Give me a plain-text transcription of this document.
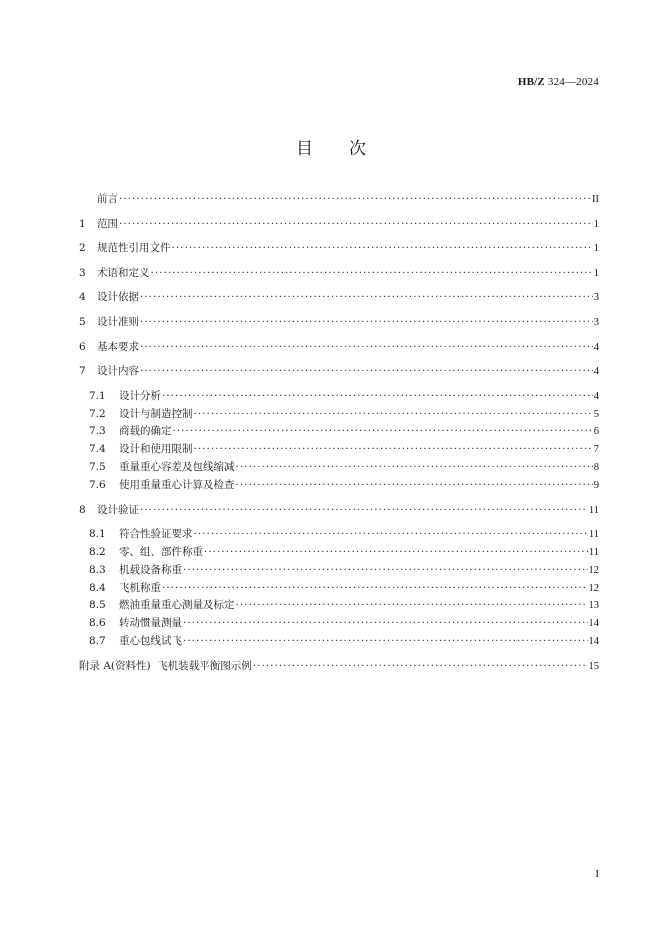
HB/Z 324—2024
目次
前言 ·····	II
1	范围 ·····	1
2	规范性引用文件 ·····	1
3	术语和定义 ·····	1
4	设计依据 ·····	3
5	设计准则 ·····	3
6	基本要求 ·····	4
7	设计内容 ·····	4
7.1	设计分析 ·····	4
7.2	设计与制造控制 ·····	5
7.3	商载的确定 ·····	6
7.4	设计和使用限制 ·····	7
7.5	重量重心容差及包线缩减 ·····	8
7.6	使用重量重心计算及检查 ·····	9
8	设计验证 ·····	11
8.1	符合性验证要求 ·····	11
8.2	零、组、部件称重 ·····	11
8.3	机载设备称重 ·····	12
8.4	飞机称重 ·····	12
8.5	燃油重量重心测量及标定 ·····	13
8.6	转动惯量测量 ·····	14
8.7	重心包线试飞 ·····	14
附录 A(资料性) 飞机装载平衡图示例 ·····	15
I
